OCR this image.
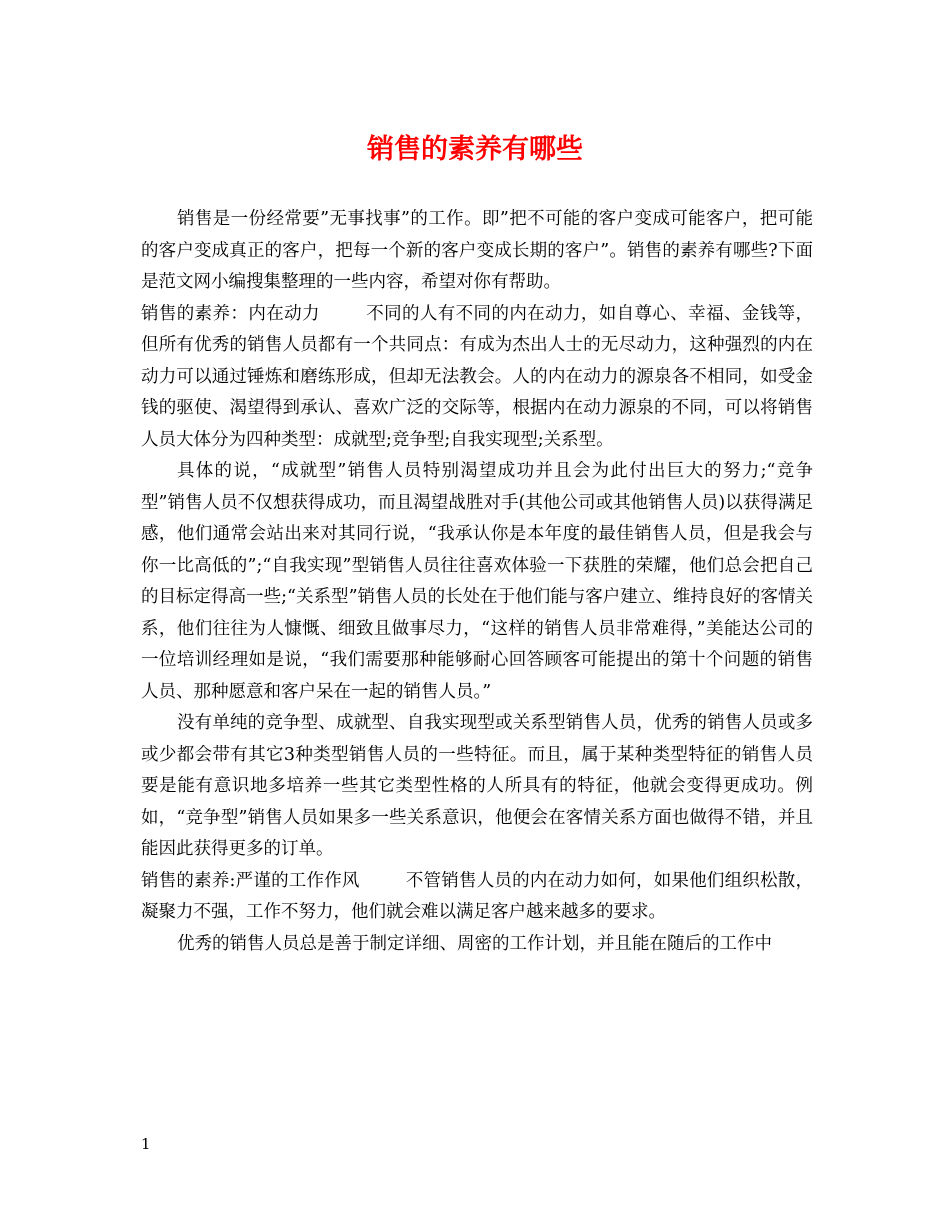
销售的素养有哪些

销售是一份经常要”无事找事”的工作。即”把不可能的客户变成可能客户，把可能的客户变成真正的客户，把每一个新的客户变成长期的客户”。销售的素养有哪些?下面是范文网小编搜集整理的一些内容，希望对你有帮助。

销售的素养：内在动力	不同的人有不同的内在动力，如自尊心、幸福、金钱等，但所有优秀的销售人员都有一个共同点：有成为杰出人士的无尽动力，这种强烈的内在动力可以通过锤炼和磨练形成，但却无法教会。人的内在动力的源泉各不相同，如受金钱的驱使、渴望得到承认、喜欢广泛的交际等，根据内在动力源泉的不同，可以将销售人员大体分为四种类型：成就型;竞争型;自我实现型;关系型。

具体的说，“成就型”销售人员特别渴望成功并且会为此付出巨大的努力;“竞争型”销售人员不仅想获得成功，而且渴望战胜对手(其他公司或其他销售人员)以获得满足感，他们通常会站出来对其同行说，“我承认你是本年度的最佳销售人员，但是我会与你一比高低的”;“自我实现”型销售人员往往喜欢体验一下获胜的荣耀，他们总会把自己的目标定得高一些;“关系型”销售人员的长处在于他们能与客户建立、维持良好的客情关系，他们往往为人慷慨、细致且做事尽力，“这样的销售人员非常难得，”美能达公司的一位培训经理如是说，“我们需要那种能够耐心回答顾客可能提出的第十个问题的销售人员、那种愿意和客户呆在一起的销售人员。”

没有单纯的竞争型、成就型、自我实现型或关系型销售人员，优秀的销售人员或多或少都会带有其它3种类型销售人员的一些特征。而且，属于某种类型特征的销售人员要是能有意识地多培养一些其它类型性格的人所具有的特征，他就会变得更成功。例如，“竞争型”销售人员如果多一些关系意识，他便会在客情关系方面也做得不错，并且能因此获得更多的订单。

销售的素养:严谨的工作作风	不管销售人员的内在动力如何，如果他们组织松散，凝聚力不强，工作不努力，他们就会难以满足客户越来越多的要求。

优秀的销售人员总是善于制定详细、周密的工作计划，并且能在随后的工作中

1
